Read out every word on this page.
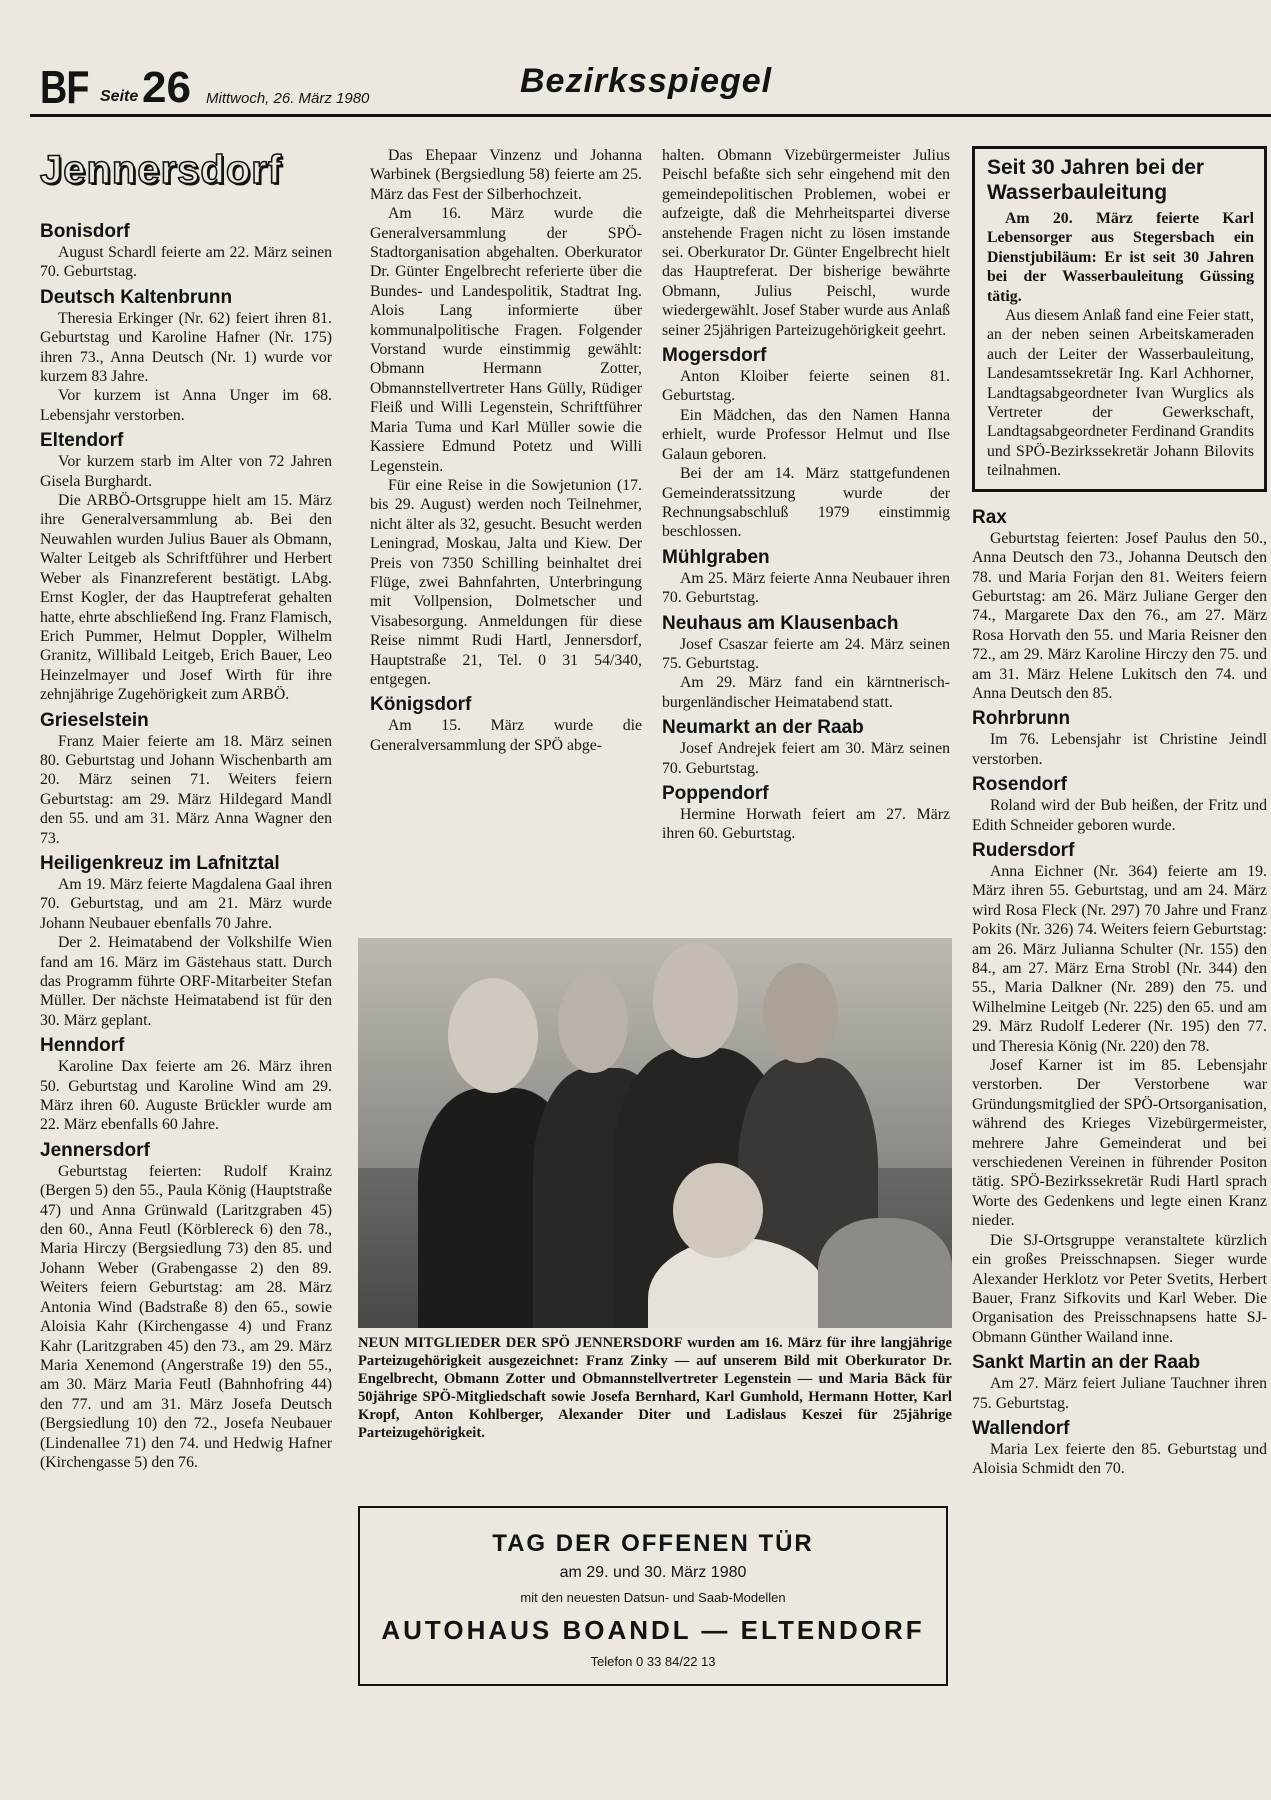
BF Seite 26 Mittwoch, 26. März 1980	Bezirksspiegel
Jennersdorf
Bonisdorf

August Schardl feierte am 22. März seinen 70. Geburtstag.

Deutsch Kaltenbrunn

Theresia Erkinger (Nr. 62) feiert ihren 81. Geburtstag und Karoline Hafner (Nr. 175) ihren 73., Anna Deutsch (Nr. 1) wurde vor kurzem 83 Jahre.

Vor kurzem ist Anna Unger im 68. Lebensjahr verstorben.

Eltendorf

Vor kurzem starb im Alter von 72 Jahren Gisela Burghardt.

Die ARBÖ-Ortsgruppe hielt am 15. März ihre Generalversammlung ab. Bei den Neuwahlen wurden Julius Bauer als Obmann, Walter Leitgeb als Schriftführer und Herbert Weber als Finanzreferent bestätigt. LAbg. Ernst Kogler, der das Hauptreferat gehalten hatte, ehrte abschließend Ing. Franz Flamisch, Erich Pummer, Helmut Doppler, Wilhelm Granitz, Willibald Leitgeb, Erich Bauer, Leo Heinzelmayer und Josef Wirth für ihre zehnjährige Zugehörigkeit zum ARBÖ.

Grieselstein

Franz Maier feierte am 18. März seinen 80. Geburtstag und Johann Wischenbarth am 20. März seinen 71. Weiters feiern Geburtstag: am 29. März Hildegard Mandl den 55. und am 31. März Anna Wagner den 73.

Heiligenkreuz im Lafnitztal

Am 19. März feierte Magdalena Gaal ihren 70. Geburtstag, und am 21. März wurde Johann Neubauer ebenfalls 70 Jahre.

Der 2. Heimatabend der Volkshilfe Wien fand am 16. März im Gästehaus statt. Durch das Programm führte ORF-Mitarbeiter Stefan Müller. Der nächste Heimatabend ist für den 30. März geplant.

Henndorf

Karoline Dax feierte am 26. März ihren 50. Geburtstag und Karoline Wind am 29. März ihren 60. Auguste Brückler wurde am 22. März ebenfalls 60 Jahre.

Jennersdorf

Geburtstag feierten: Rudolf Krainz (Bergen 5) den 55., Paula König (Hauptstraße 47) und Anna Grünwald (Laritzgraben 45) den 60., Anna Feutl (Körblereck 6) den 78., Maria Hirczy (Bergsiedlung 73) den 85. und Johann Weber (Grabengasse 2) den 89. Weiters feiern Geburtstag: am 28. März Antonia Wind (Badstraße 8) den 65., sowie Aloisia Kahr (Kirchengasse 4) und Franz Kahr (Laritzgraben 45) den 73., am 29. März Maria Xenemond (Angerstraße 19) den 55., am 30. März Maria Feutl (Bahnhofring 44) den 77. und am 31. März Josefa Deutsch (Bergsiedlung 10) den 72., Josefa Neubauer (Lindenallee 71) den 74. und Hedwig Hafner (Kirchengasse 5) den 76.

Das Ehepaar Vinzenz und Johanna Warbinek (Bergsiedlung 58) feierte am 25. März das Fest der Silberhochzeit.

Am 16. März wurde die Generalversammlung der SPÖ-Stadtorganisation abgehalten. Oberkurator Dr. Günter Engelbrecht referierte über die Bundes- und Landespolitik, Stadtrat Ing. Alois Lang informierte über kommunalpolitische Fragen. Folgender Vorstand wurde einstimmig gewählt: Obmann Hermann Zotter, Obmannstellvertreter Hans Gülly, Rüdiger Fleiß und Willi Legenstein, Schriftführer Maria Tuma und Karl Müller sowie die Kassiere Edmund Potetz und Willi Legenstein.

Für eine Reise in die Sowjetunion (17. bis 29. August) werden noch Teilnehmer, nicht älter als 32, gesucht. Besucht werden Leningrad, Moskau, Jalta und Kiew. Der Preis von 7350 Schilling beinhaltet drei Flüge, zwei Bahnfahrten, Unterbringung mit Vollpension, Dolmetscher und Visabesorgung. Anmeldungen für diese Reise nimmt Rudi Hartl, Jennersdorf, Hauptstraße 21, Tel. 0 31 54/340, entgegen.

Königsdorf

Am 15. März wurde die Generalversammlung der SPÖ abge-

halten. Obmann Vizebürgermeister Julius Peischl befaßte sich sehr eingehend mit den gemeindepolitischen Problemen, wobei er aufzeigte, daß die Mehrheitspartei diverse anstehende Fragen nicht zu lösen imstande sei. Oberkurator Dr. Günter Engelbrecht hielt das Hauptreferat. Der bisherige bewährte Obmann, Julius Peischl, wurde wiedergewählt. Josef Staber wurde aus Anlaß seiner 25jährigen Parteizugehörigkeit geehrt.

Mogersdorf

Anton Kloiber feierte seinen 81. Geburtstag.

Ein Mädchen, das den Namen Hanna erhielt, wurde Professor Helmut und Ilse Galaun geboren.

Bei der am 14. März stattgefundenen Gemeinderatssitzung wurde der Rechnungsabschluß 1979 einstimmig beschlossen.

Mühlgraben

Am 25. März feierte Anna Neubauer ihren 70. Geburtstag.

Neuhaus am Klausenbach

Josef Csaszar feierte am 24. März seinen 75. Geburtstag.

Am 29. März fand ein kärntnerisch-burgenländischer Heimatabend statt.

Neumarkt an der Raab

Josef Andrejek feiert am 30. März seinen 70. Geburtstag.

Poppendorf

Hermine Horwath feiert am 27. März ihren 60. Geburtstag.

Seit 30 Jahren bei der Wasserbauleitung

Am 20. März feierte Karl Lebensorger aus Stegersbach ein Dienstjubiläum: Er ist seit 30 Jahren bei der Wasserbauleitung Güssing tätig.

Aus diesem Anlaß fand eine Feier statt, an der neben seinen Arbeitskameraden auch der Leiter der Wasserbauleitung, Landesamtssekretär Ing. Karl Achhorner, Landtagsabgeordneter Ivan Wurglics als Vertreter der Gewerkschaft, Landtagsabgeordneter Ferdinand Grandits und SPÖ-Bezirkssekretär Johann Bilovits teilnahmen.

Rax

Geburtstag feierten: Josef Paulus den 50., Anna Deutsch den 73., Johanna Deutsch den 78. und Maria Forjan den 81. Weiters feiern Geburtstag: am 26. März Juliane Gerger den 74., Margarete Dax den 76., am 27. März Rosa Horvath den 55. und Maria Reisner den 72., am 29. März Karoline Hirczy den 75. und am 31. März Helene Lukitsch den 74. und Anna Deutsch den 85.

Rohrbrunn

Im 76. Lebensjahr ist Christine Jeindl verstorben.

Rosendorf

Roland wird der Bub heißen, der Fritz und Edith Schneider geboren wurde.

Rudersdorf

Anna Eichner (Nr. 364) feierte am 19. März ihren 55. Geburtstag, und am 24. März wird Rosa Fleck (Nr. 297) 70 Jahre und Franz Pokits (Nr. 326) 74. Weiters feiern Geburtstag: am 26. März Julianna Schulter (Nr. 155) den 84., am 27. März Erna Strobl (Nr. 344) den 55., Maria Dalkner (Nr. 289) den 75. und Wilhelmine Leitgeb (Nr. 225) den 65. und am 29. März Rudolf Lederer (Nr. 195) den 77. und Theresia König (Nr. 220) den 78.

Josef Karner ist im 85. Lebensjahr verstorben. Der Verstorbene war Gründungsmitglied der SPÖ-Ortsorganisation, während des Krieges Vizebürgermeister, mehrere Jahre Gemeinderat und bei verschiedenen Vereinen in führender Positon tätig. SPÖ-Bezirkssekretär Rudi Hartl sprach Worte des Gedenkens und legte einen Kranz nieder.

Die SJ-Ortsgruppe veranstaltete kürzlich ein großes Preisschnapsen. Sieger wurde Alexander Herklotz vor Peter Svetits, Herbert Bauer, Franz Sifkovits und Karl Weber. Die Organisation des Preisschnapsens hatte SJ-Obmann Günther Wailand inne.

Sankt Martin an der Raab

Am 27. März feiert Juliane Tauchner ihren 75. Geburtstag.

Wallendorf

Maria Lex feierte den 85. Geburtstag und Aloisia Schmidt den 70.

NEUN MITGLIEDER DER SPÖ JENNERSDORF wurden am 16. März für ihre langjährige Parteizugehörigkeit ausgezeichnet: Franz Zinky — auf unserem Bild mit Oberkurator Dr. Engelbrecht, Obmann Zotter und Obmannstellvertreter Legenstein — und Maria Bäck für 50jährige SPÖ-Mitgliedschaft sowie Josefa Bernhard, Karl Gumhold, Hermann Hotter, Karl Kropf, Anton Kohlberger, Alexander Diter und Ladislaus Keszei für 25jährige Parteizugehörigkeit.

TAG DER OFFENEN TÜR
am 29. und 30. März 1980
mit den neuesten Datsun- und Saab-Modellen
AUTOHAUS BOANDL — ELTENDORF
Telefon 0 33 84/22 13
